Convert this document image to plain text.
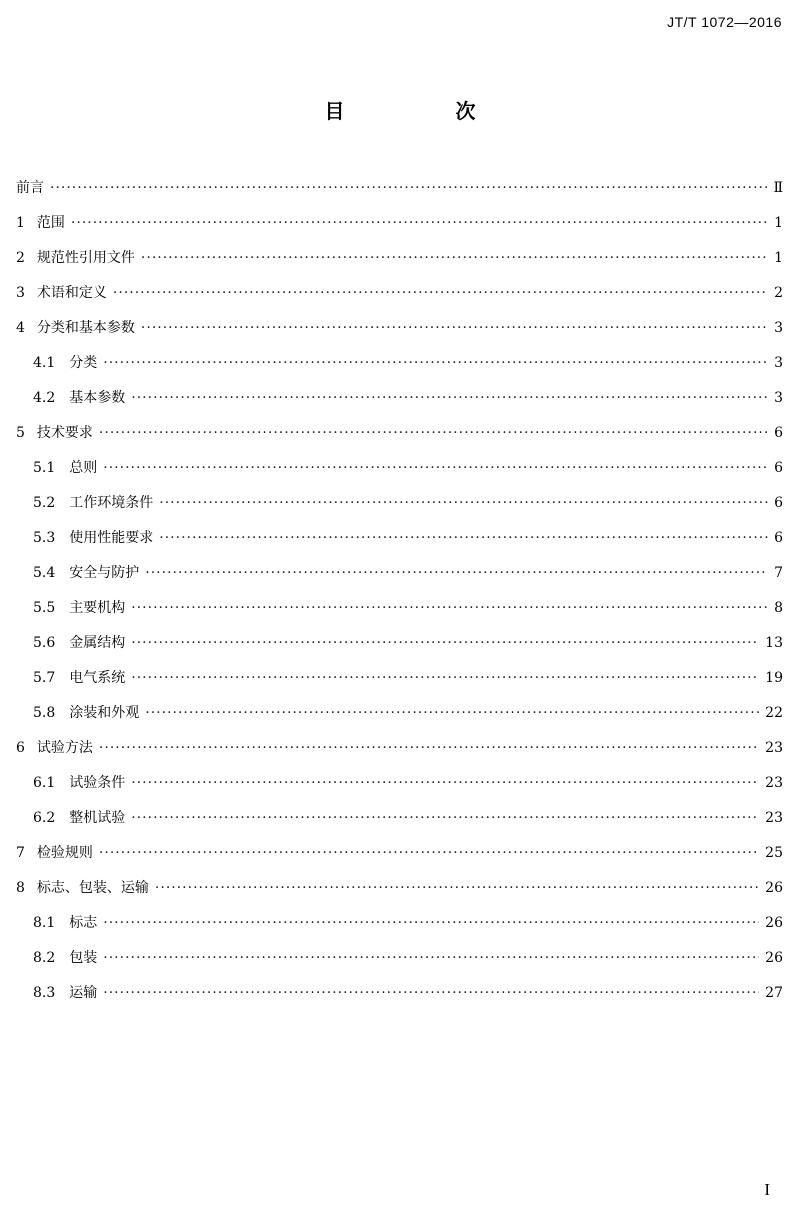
JT/T 1072—2016
目 次
前言 ·····	Ⅱ
1 范围 ·····	1
2 规范性引用文件 ·····	1
3 术语和定义 ·····	2
4 分类和基本参数 ·····	3
4.1 分类 ·····	3
4.2 基本参数 ·····	3
5 技术要求 ·····	6
5.1 总则 ·····	6
5.2 工作环境条件 ·····	6
5.3 使用性能要求 ·····	6
5.4 安全与防护 ·····	7
5.5 主要机构 ·····	8
5.6 金属结构 ·····	13
5.7 电气系统 ·····	19
5.8 涂装和外观 ·····	22
6 试验方法 ·····	23
6.1 试验条件 ·····	23
6.2 整机试验 ·····	23
7 检验规则 ·····	25
8 标志、包装、运输 ·····	26
8.1 标志 ·····	26
8.2 包装 ·····	26
8.3 运输 ·····	27
I
